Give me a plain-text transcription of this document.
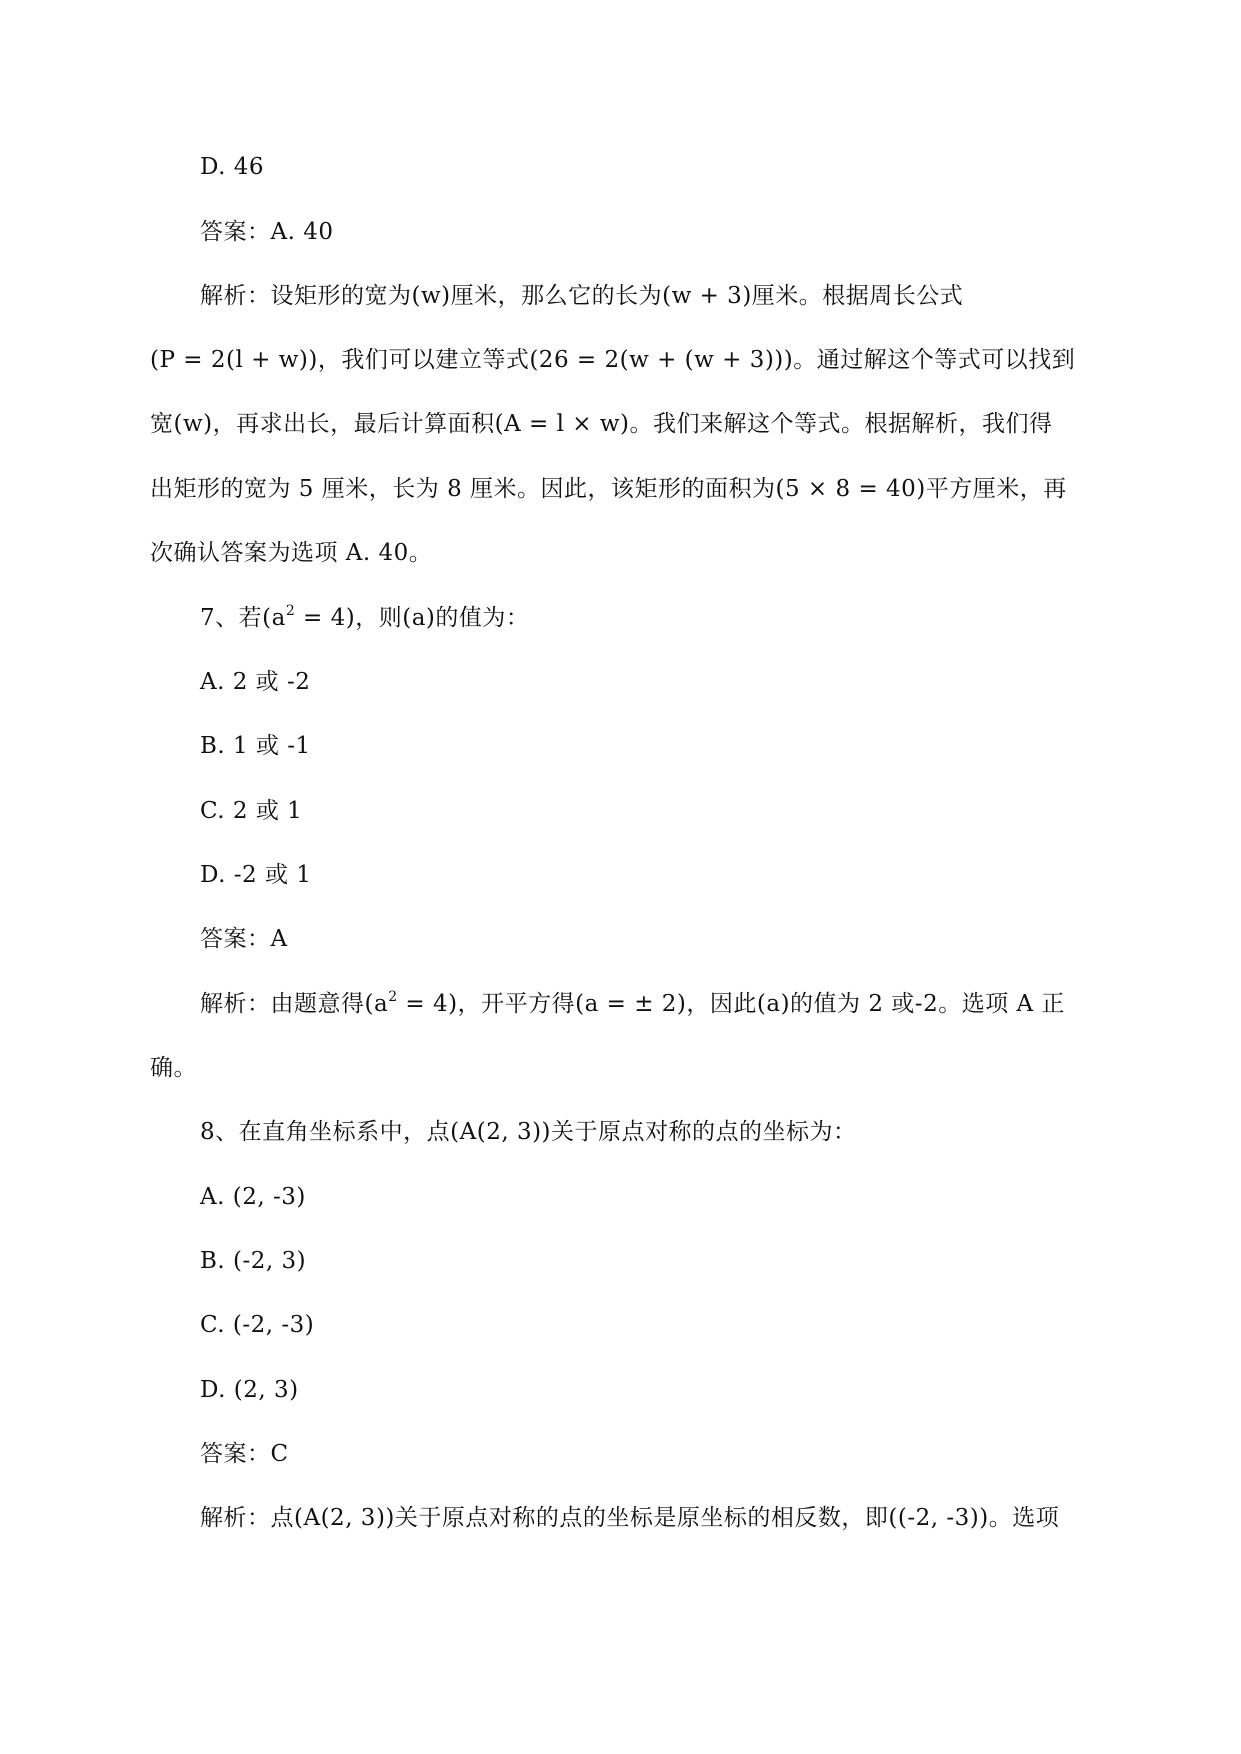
D. 46
答案：A. 40
解析：设矩形的宽为(w)厘米，那么它的长为(w + 3)厘米。根据周长公式
(P = 2(l + w))，我们可以建立等式(26 = 2(w + (w + 3)))。通过解这个等式可以找到
宽(w)，再求出长，最后计算面积(A = l × w)。我们来解这个等式。根据解析，我们得
出矩形的宽为 5 厘米，长为 8 厘米。因此，该矩形的面积为(5 × 8 = 40)平方厘米，再
次确认答案为选项 A. 40。
7、若$(a^2 = 4)$，则(a)的值为：
A. 2 或 -2
B. 1 或 -1
C. 2 或 1
D. -2 或 1
答案：A
解析：由题意得$(a^2 = 4)$，开平方得(a = ± 2)，因此(a)的值为 2 或-2。选项 A 正
确。
8、在直角坐标系中，点(A(2, 3))关于原点对称的点的坐标为：
A. (2, -3)
B. (-2, 3)
C. (-2, -3)
D. (2, 3)
答案：C
解析：点(A(2, 3))关于原点对称的点的坐标是原坐标的相反数，即((-2, -3))。选项
